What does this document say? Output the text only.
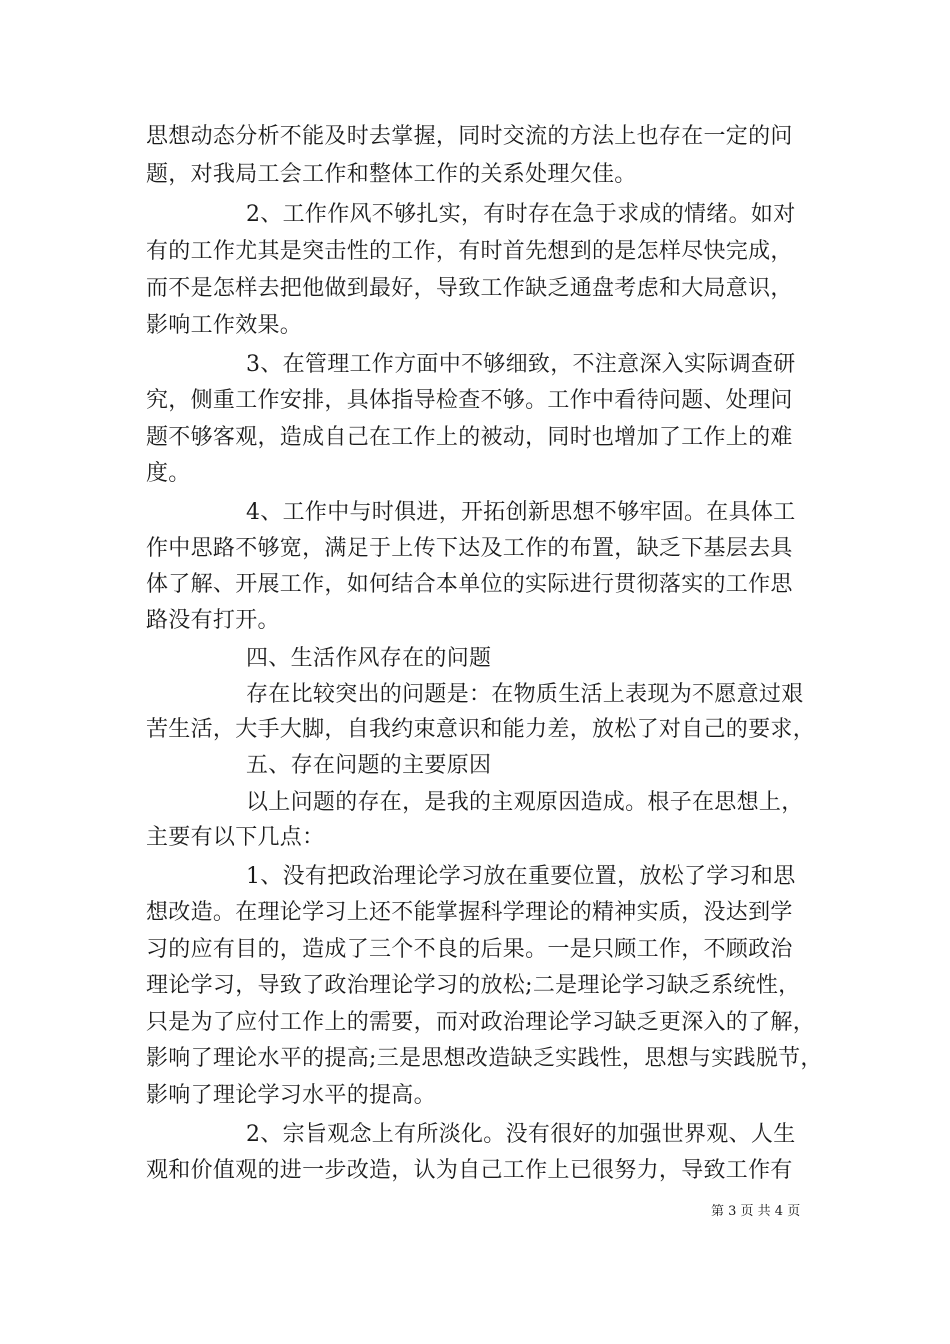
思想动态分析不能及时去掌握，同时交流的方法上也存在一定的问
题，对我局工会工作和整体工作的关系处理欠佳。
2、工作作风不够扎实，有时存在急于求成的情绪。如对
有的工作尤其是突击性的工作，有时首先想到的是怎样尽快完成，
而不是怎样去把他做到最好，导致工作缺乏通盘考虑和大局意识，
影响工作效果。
3、在管理工作方面中不够细致，不注意深入实际调查研
究，侧重工作安排，具体指导检查不够。工作中看待问题、处理问
题不够客观，造成自己在工作上的被动，同时也增加了工作上的难
度。
4、工作中与时俱进，开拓创新思想不够牢固。在具体工
作中思路不够宽，满足于上传下达及工作的布置，缺乏下基层去具
体了解、开展工作，如何结合本单位的实际进行贯彻落实的工作思
路没有打开。
四、生活作风存在的问题
存在比较突出的问题是：在物质生活上表现为不愿意过艰
苦生活，大手大脚，自我约束意识和能力差，放松了对自己的要求，
五、存在问题的主要原因
以上问题的存在，是我的主观原因造成。根子在思想上，
主要有以下几点：
1、没有把政治理论学习放在重要位置，放松了学习和思
想改造。在理论学习上还不能掌握科学理论的精神实质，没达到学
习的应有目的，造成了三个不良的后果。一是只顾工作，不顾政治
理论学习，导致了政治理论学习的放松;二是理论学习缺乏系统性，
只是为了应付工作上的需要，而对政治理论学习缺乏更深入的了解，
影响了理论水平的提高;三是思想改造缺乏实践性，思想与实践脱节，
影响了理论学习水平的提高。
2、宗旨观念上有所淡化。没有很好的加强世界观、人生
观和价值观的进一步改造，认为自己工作上已很努力，导致工作有
第 3 页 共 4 页
